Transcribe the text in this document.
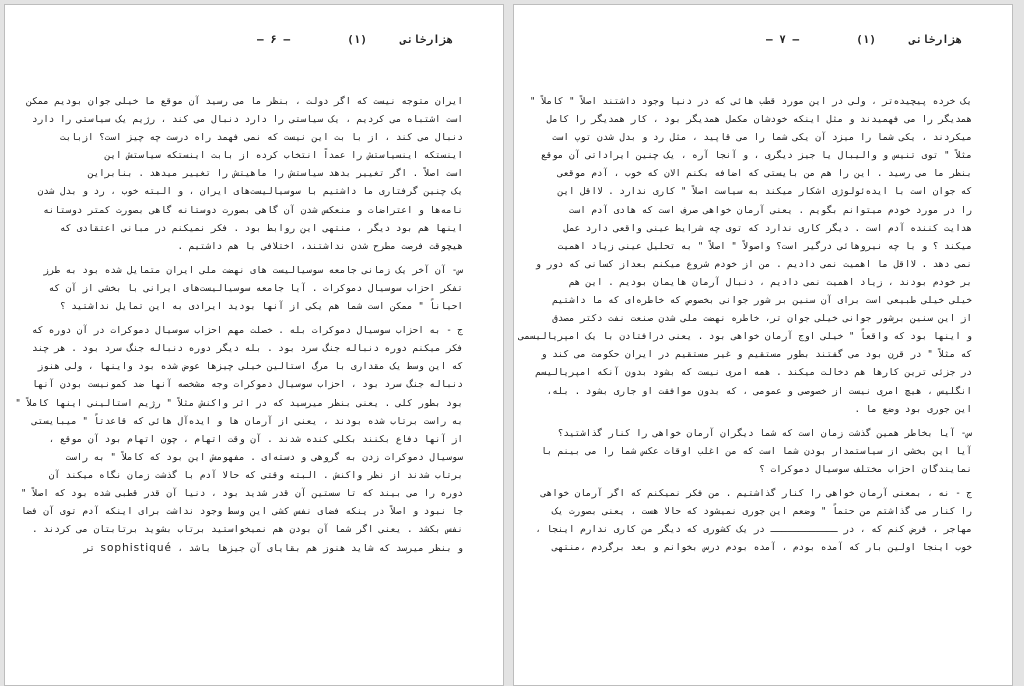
هزارخانی
(۱)
— ۶ —
ایران متوجه نیست که اگر دولت ، بنظر ما می رسید آن موقع ما خیلی جوان بودیم ممکن
است اشتباه می کردیم ، یک سیاستی را دارد دنبال می کند ، رژیم یک سیاستی را دارد
دنبال می کند ، از با بت این نیست که نمی فهمد راه درست چه چیز است؟ ازبابت
اینستکه اینسیاستش را عمداً انتخاب کرده از بابت اینستکه سیاستش این
است اصلاً . اگر تغییر بدهد سیاستش را ماهیتش را تغییر میدهد . بنابراین
یک چنین گرفتاری ما داشتیم با سوسیالیست‌های ایران ، و البته خوب ، رد و بدل شدن
نامه‌ها و اعتراضات و منعکس شدن آن گاهی بصورت دوستانه گاهی بصورت کمتر دوستانه
اینها هم بود دیگر ، منتهی این روابط بود . فکر نمیکنم در مبانی اعتقادی که
هیچوقت فرصت مطرح شدن نداشتند، اختلافی با هم داشتیم .
س- آن آخر یک زمانی جامعه سوسیالیست های نهضت ملی ایران متمایل شده بود به طرز
تفکر احزاب سوسیال دموکرات . آیا جامعه سوسیالیست‌های ایرانی با بخشی از آن که
احیاناً " ممکن است شما هم یکی از آنها بودید ایرادی به این تمایل نداشتید ؟
ج - به احزاب سوسیال دموکرات بله . خصلت مهم احزاب سوسیال دموکرات در آن دوره که
فکر میکنم دوره دنباله جنگ سرد بود . بله دیگر دوره دنباله جنگ سرد بود . هر چند
که این وسط یک مقداری با مرگ استالین خیلی چیزها عوض شده بود واینها ، ولی هنوز
دنباله جنگ سرد بود ، احزاب سوسیال دموکرات وجه مشخصه آنها ضد کمونیست بودن آنها
بود بطور کلی . یعنی بنظر میرسید که در اثر واکنش مثلاً " رژیم استالینی اینها کاملاً "
به راست برتاب شده بودند ، یعنی از آرمان ها و ایده‌آل هائی که قاعدتاً " میبایستی
از آنها دفاع بکنند بکلی کنده شدند . آن وقت اتهام ، چون اتهام بود آن موقع ،
سوسیال دموکرات زدن به گروهی و دسته‌ای . مفهومش این بود که کاملاً " به راست
برتاب شدند از نظر واکنش . البته وقتی که حالا آدم با گذشت زمان نگاه میکند آن
دوره را می بیند که تا سستین آن قدر شدید بود ، دنیا آن قدر قطبی شده بود که اصلاً "
جا نبود و اصلاً در ینکه فضای نفس کشی این وسط وجود نداشت برای اینکه آدم توی آن فضا
نفس بکشد . یعنی اگر شما آن بودن هم نمیخواستید برتاب بشوید برتابتان می کردند .
و بنظر میرسد که شاید هنوز هم بقایای آن جیزها باشد ، sophistiqué تر
هزارخانی
(۱)
— ۷ —
یک خرده پیچیده‌تر ، ولی در این مورد قطب هائی که در دنیا وجود داشتند اصلاً " کاملاً "
همدیگر را می فهمیدند و مثل اینکه خودشان مکمل همدیگر بود ، کار همدیگر را کامل
میکردند ، یکی شما را میزد آن یکی شما را می قاپید ، مثل رد و بدل شدن توپ است
مثلاً " توی تنیس و والیبال یا جیز دیگری ، و آنجا آره ، یک چنین ایراداتی آن موقع
بنظر ما می رسید . این را هم من بایستی که اضافه بکنم الان که خوب ، آدم موقعی
که جوان است با ایده‌ئولوژی اشکار میکند به سیاست اصلاً " کاری ندارد . لااقل این
را در مورد خودم میتوانم بگویم . یعنی آرمان خواهی صرف است که هادی آدم است
هدایت کننده آدم است . دیگر کاری ندارد که توی چه شرایط عینی واقعی دارد عمل
میکند ؟ و با چه نیروهائی درگیر است؟ واصولاً " اصلاً " به تحلیل عینی زیاد اهمیت
نمی دهد . لااقل ما اهمیت نمی دادیم . من از خودم شروع میکنم بعداز کسانی که دور و
بر خودم بودند ، زیاد اهمیت نمی دادیم ، دنبال آرمان هایمان بودیم . این هم
خیلی خیلی طبیعی است برای آن سنین بر شور جوانی بخصوص که خاطره‌ای که ما داشتیم
از این سنین برشور جوانی خیلی جوان تر، خاطره نهضت ملی شدن صنعت نفت دکتر مصدق
و اینها بود که واقعاً " خیلی اوج آرمان خواهی بود . یعنی درافتادن با یک امپریالیسمی
که مثلاً " در قرن بود می گفتند بطور مستقیم و غیر مستقیم در ایران حکومت می کند و
در جزئی ترین کارها هم دخالت میکند . همه امری نیست که بشود بدون آنکه امپریالیسم
انگلیس ، هیچ امری نیست از خصوصی و عمومی ، که بدون موافقت او جاری بشود . بله،
این جوری بود وضع ما .
س- آیا بخاطر همین گذشت زمان است که شما دیگران آرمان خواهی را کنار گذاشتید؟
آیا این بخشی از سیاستمدار بودن شما است که من اغلب اوقات عکس شما را می بینم با
نمایندگان احزاب مختلف سوسیال دموکرات ؟
ج - نه ، بمعنی آرمان خواهی را کنار گذاشتیم . من فکر نمیکنم که اگر آرمان خواهی
را کنار می گذاشتم من حتماً " وضعم این جوری نمیشود که حالا هست ، یعنی بصورت یک
مهاجر ، فرض کنم که ، در ــــــــــــ در یک کشوری که دیگر من کاری ندارم اینجا ،
خوب اینجا اولین بار که آمده بودم ، آمده بودم درس بخوانم و بعد برگردم ،منتهی
